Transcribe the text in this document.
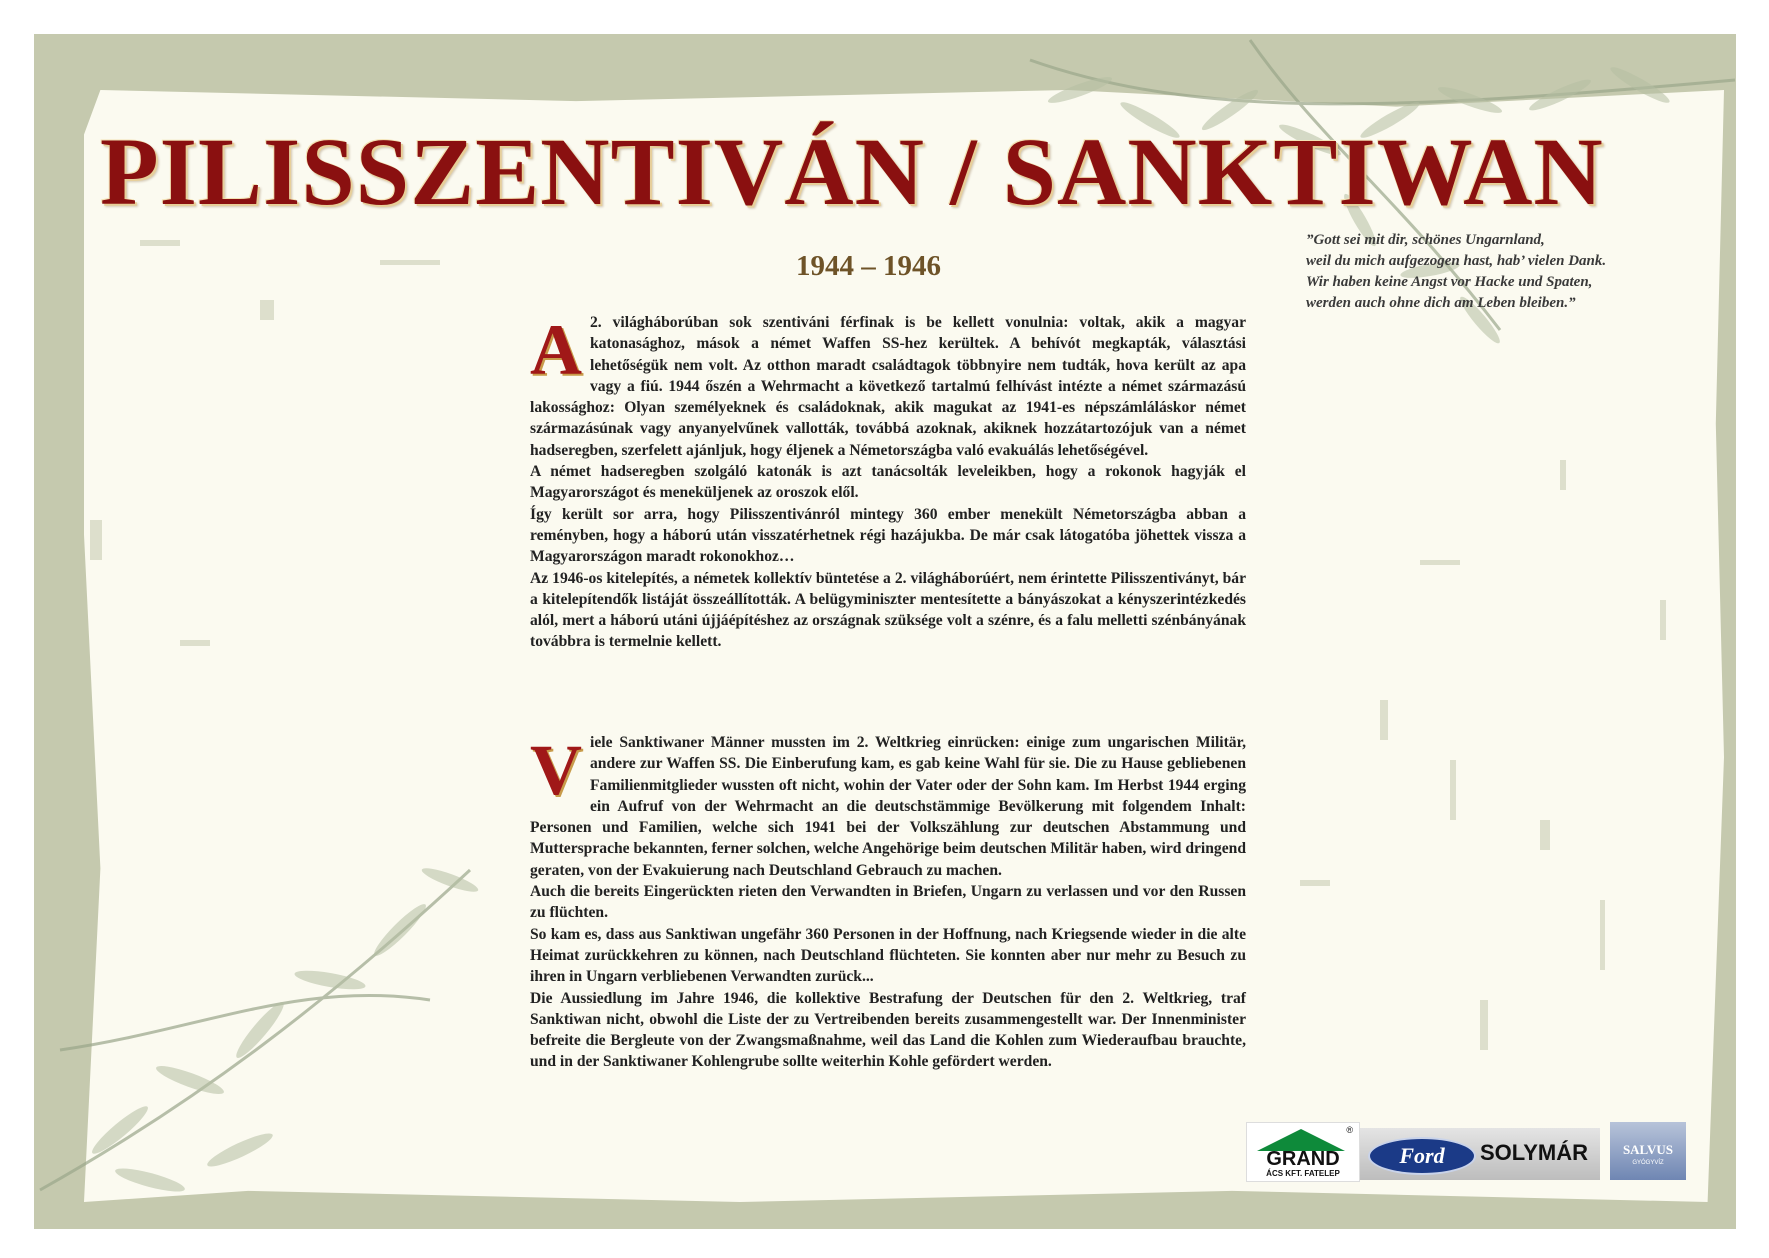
PILISSZENTIVÁN / SANKTIWAN
1944 – 1946

”Gott sei mit dir, schönes Ungarnland,

weil du mich aufgezogen hast, hab’ vielen Dank.

Wir haben keine Angst vor Hacke und Spaten,

werden auch ohne dich am Leben bleiben.”

A 2. világháborúban sok szentiváni férfinak is be kellett vonulnia: voltak, akik a magyar katonasághoz, mások a német Waffen SS-hez kerültek. A behívót megkapták, választási lehetőségük nem volt. Az otthon maradt családtagok többnyire nem tudták, hova került az apa vagy a fiú. 1944 őszén a Wehrmacht a következő tartalmú felhívást intézte a német származású lakossághoz: Olyan személyeknek és családoknak, akik magukat az 1941-es népszámláláskor német származásúnak vagy anyanyelvűnek vallották, továbbá azoknak, akiknek hozzátartozójuk van a német hadseregben, szerfelett ajánljuk, hogy éljenek a Németországba való evakuálás lehetőségével.

A német hadseregben szolgáló katonák is azt tanácsolták leveleikben, hogy a rokonok hagyják el Magyarországot és meneküljenek az oroszok elől.

Így került sor arra, hogy Pilisszentivánról mintegy 360 ember menekült Németországba abban a reményben, hogy a háború után visszatérhetnek régi hazájukba. De már csak látogatóba jöhettek vissza a Magyarországon maradt rokonokhoz…

Az 1946-os kitelepítés, a németek kollektív büntetése a 2. világháborúért, nem érintette Pilisszentiványt, bár a kitelepítendők listáját összeállították. A belügyminiszter mentesítette a bányászokat a kényszerintézkedés alól, mert a háború utáni újjáépítéshez az országnak szüksége volt a szénre, és a falu melletti szénbányának továbbra is termelnie kellett.

Viele Sanktiwaner Männer mussten im 2. Weltkrieg einrücken: einige zum ungarischen Militär, andere zur Waffen SS. Die Einberufung kam, es gab keine Wahl für sie. Die zu Hause gebliebenen Familienmitglieder wussten oft nicht, wohin der Vater oder der Sohn kam. Im Herbst 1944 erging ein Aufruf von der Wehrmacht an die deutschstämmige Bevölkerung mit folgendem Inhalt: Personen und Familien, welche sich 1941 bei der Volkszählung zur deutschen Abstammung und Muttersprache bekannten, ferner solchen, welche Angehörige beim deutschen Militär haben, wird dringend geraten, von der Evakuierung nach Deutschland Gebrauch zu machen.

Auch die bereits Eingerückten rieten den Verwandten in Briefen, Ungarn zu verlassen und vor den Russen zu flüchten.

So kam es, dass aus Sanktiwan ungefähr 360 Personen in der Hoffnung, nach Kriegsende wieder in die alte Heimat zurückkehren zu können, nach Deutschland flüchteten. Sie konnten aber nur mehr zu Besuch zu ihren in Ungarn verbliebenen Verwandten zurück...

Die Aussiedlung im Jahre 1946, die kollektive Bestrafung der Deutschen für den 2. Weltkrieg, traf Sanktiwan nicht, obwohl die Liste der zu Vertreibenden bereits zusammengestellt war. Der Innenminister befreite die Bergleute von der Zwangsmaßnahme, weil das Land die Kohlen zum Wiederaufbau brauchte, und in der Sanktiwaner Kohlengrube sollte weiterhin Kohle gefördert werden.

®
GRAND
ÁCS KFT. FATELEP
Ford	SOLYMÁR	SALVUS
GYÓGYVÍZ
